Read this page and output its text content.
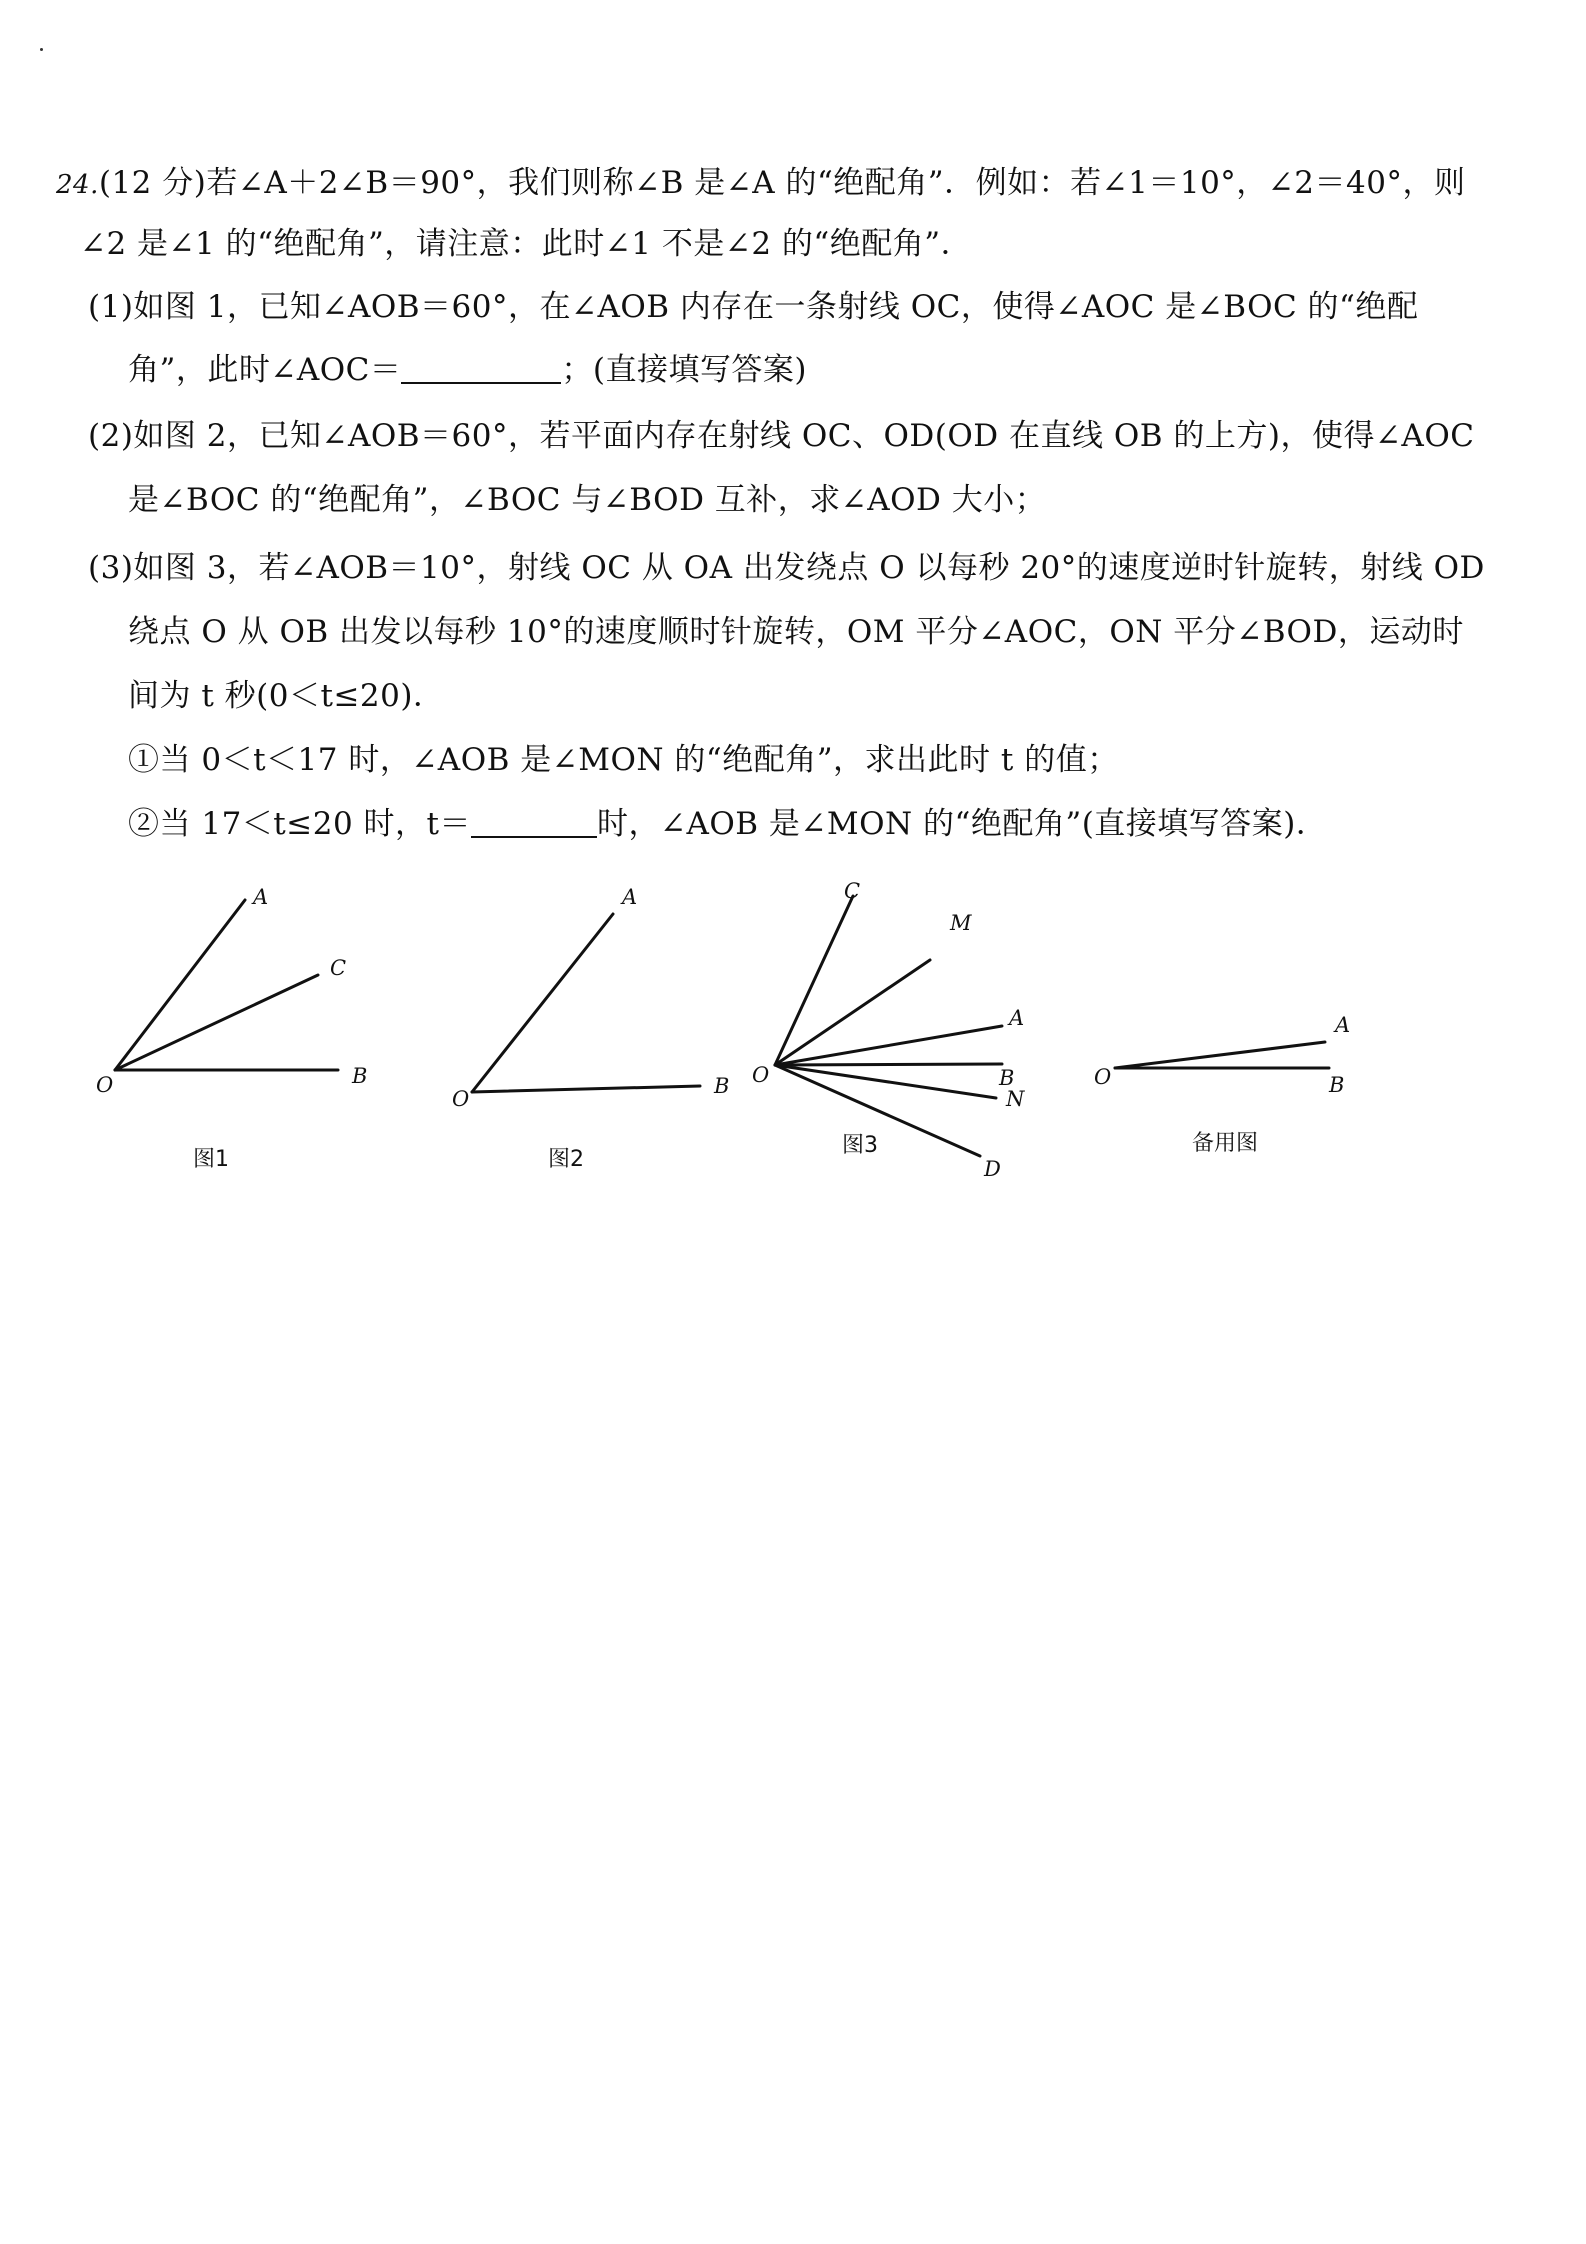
24.(12 分)若∠A＋2∠B＝90°，我们则称∠B 是∠A 的“绝配角”．例如：若∠1＝10°，∠2＝40°，则
∠2 是∠1 的“绝配角”，请注意：此时∠1 不是∠2 的“绝配角”．
(1)如图 1，已知∠AOB＝60°，在∠AOB 内存在一条射线 OC，使得∠AOC 是∠BOC 的“绝配
角”，此时∠AOC＝	；(直接填写答案)
(2)如图 2，已知∠AOB＝60°，若平面内存在射线 OC、OD(OD 在直线 OB 的上方)，使得∠AOC
是∠BOC 的“绝配角”，∠BOC 与∠BOD 互补，求∠AOD 大小；
(3)如图 3，若∠AOB＝10°，射线 OC 从 OA 出发绕点 O 以每秒 20°的速度逆时针旋转，射线 OD
绕点 O 从 OB 出发以每秒 10°的速度顺时针旋转，OM 平分∠AOC，ON 平分∠BOD，运动时
间为 t 秒(0＜t≤20)．
①当 0＜t＜17 时，∠AOB 是∠MON 的“绝配角”，求出此时 t 的值；
②当 17＜t≤20 时，t＝	时，∠AOB 是∠MON 的“绝配角”(直接填写答案)．
A
C
B
O
图1
A
B
O
图2
C
M
A
B
N
D
O
图3
A
B
O
备用图
